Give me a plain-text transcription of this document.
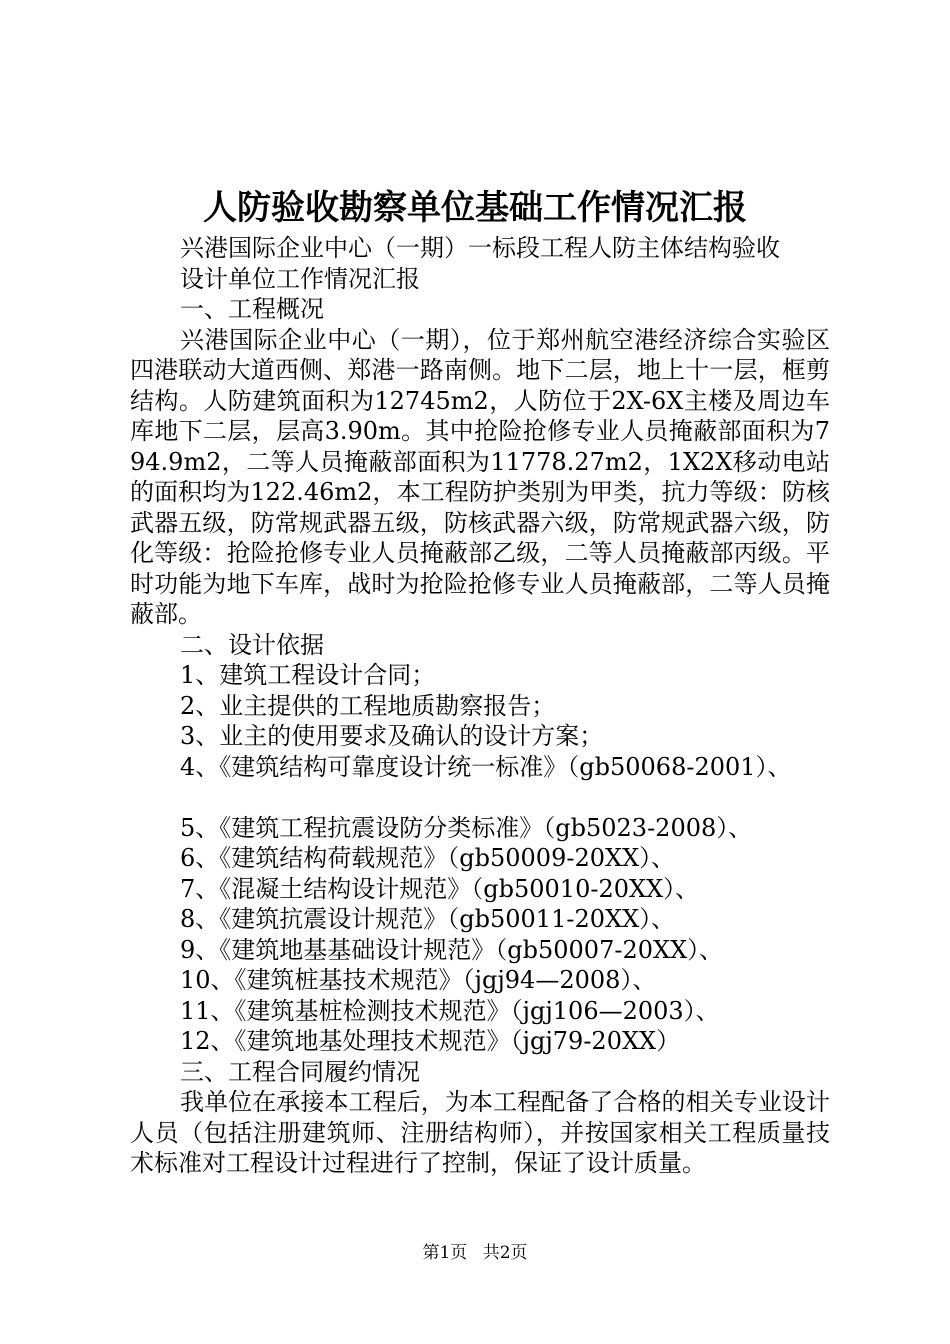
人防验收勘察单位基础工作情况汇报
兴港国际企业中心（一期）一标段工程人防主体结构验收
设计单位工作情况汇报
一、工程概况
兴港国际企业中心（一期），位于郑州航空港经济综合实验区四港联动大道西侧、郑港一路南侧。地下二层，地上十一层，框剪结构。人防建筑面积为12745m2，人防位于2X-6X主楼及周边车库地下二层，层高3.90m。其中抢险抢修专业人员掩蔽部面积为794.9m2，二等人员掩蔽部面积为11778.27m2，1X2X移动电站的面积均为122.46m2，本工程防护类别为甲类，抗力等级：防核武器五级，防常规武器五级，防核武器六级，防常规武器六级，防化等级：抢险抢修专业人员掩蔽部乙级，二等人员掩蔽部丙级。平时功能为地下车库，战时为抢险抢修专业人员掩蔽部，二等人员掩蔽部。
二、设计依据
1、建筑工程设计合同；
2、业主提供的工程地质勘察报告；
3、业主的使用要求及确认的设计方案；
4、《建筑结构可靠度设计统一标准》（gb50068-2001）、
5、《建筑工程抗震设防分类标准》（gb5023-2008）、
6、《建筑结构荷载规范》（gb50009-20XX）、
7、《混凝土结构设计规范》（gb50010-20XX）、
8、《建筑抗震设计规范》（gb50011-20XX）、
9、《建筑地基基础设计规范》（gb50007-20XX）、
10、《建筑桩基技术规范》（jgj94—2008）、
11、《建筑基桩检测技术规范》（jgj106—2003）、
12、《建筑地基处理技术规范》（jgj79-20XX）
三、工程合同履约情况
我单位在承接本工程后，为本工程配备了合格的相关专业设计人员（包括注册建筑师、注册结构师），并按国家相关工程质量技术标准对工程设计过程进行了控制，保证了设计质量。
第1页 共2页
